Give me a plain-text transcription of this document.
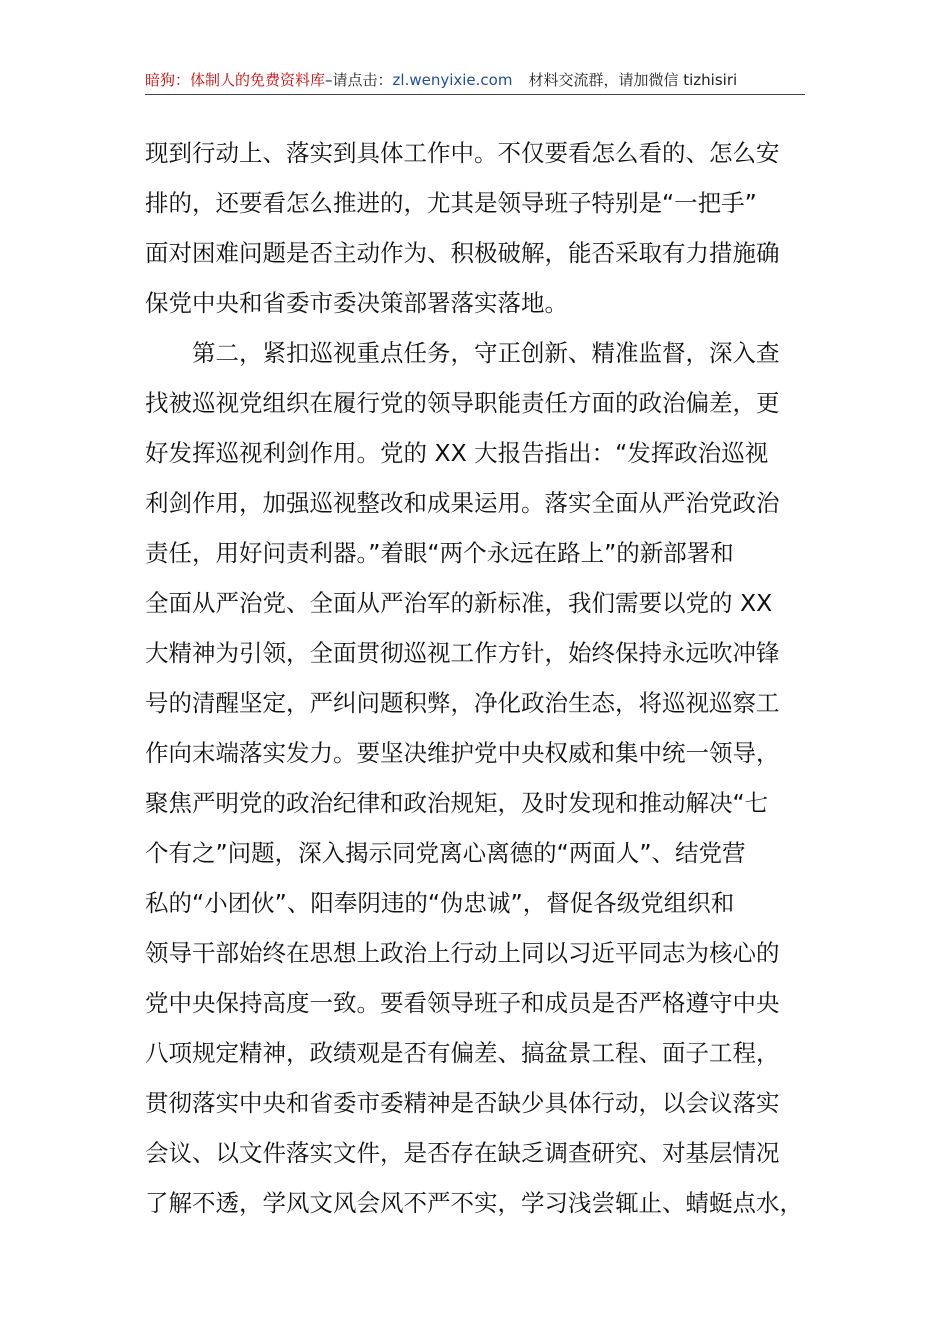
暗狗：体制人的免费资料库–请点击：zl.wenyixie.com 材料交流群，请加微信 tizhisiri
现到行动上、落实到具体工作中。不仅要看怎么看的、怎么安
排的，还要看怎么推进的，尤其是领导班子特别是“一把手”
面对困难问题是否主动作为、积极破解，能否采取有力措施确
保党中央和省委市委决策部署落实落地。
第二，紧扣巡视重点任务，守正创新、精准监督，深入查
找被巡视党组织在履行党的领导职能责任方面的政治偏差，更
好发挥巡视利剑作用。党的 XX 大报告指出：“发挥政治巡视
利剑作用，加强巡视整改和成果运用。落实全面从严治党政治
责任，用好问责利器。”着眼“两个永远在路上”的新部署和
全面从严治党、全面从严治军的新标准，我们需要以党的 XX
大精神为引领，全面贯彻巡视工作方针，始终保持永远吹冲锋
号的清醒坚定，严纠问题积弊，净化政治生态，将巡视巡察工
作向末端落实发力。要坚决维护党中央权威和集中统一领导，
聚焦严明党的政治纪律和政治规矩，及时发现和推动解决“七
个有之”问题，深入揭示同党离心离德的“两面人”、结党营
私的“小团伙”、阳奉阴违的“伪忠诚”，督促各级党组织和
领导干部始终在思想上政治上行动上同以习近平同志为核心的
党中央保持高度一致。要看领导班子和成员是否严格遵守中央
八项规定精神，政绩观是否有偏差、搞盆景工程、面子工程，
贯彻落实中央和省委市委精神是否缺少具体行动，以会议落实
会议、以文件落实文件，是否存在缺乏调查研究、对基层情况
了解不透，学风文风会风不严不实，学习浅尝辄止、蜻蜓点水，
